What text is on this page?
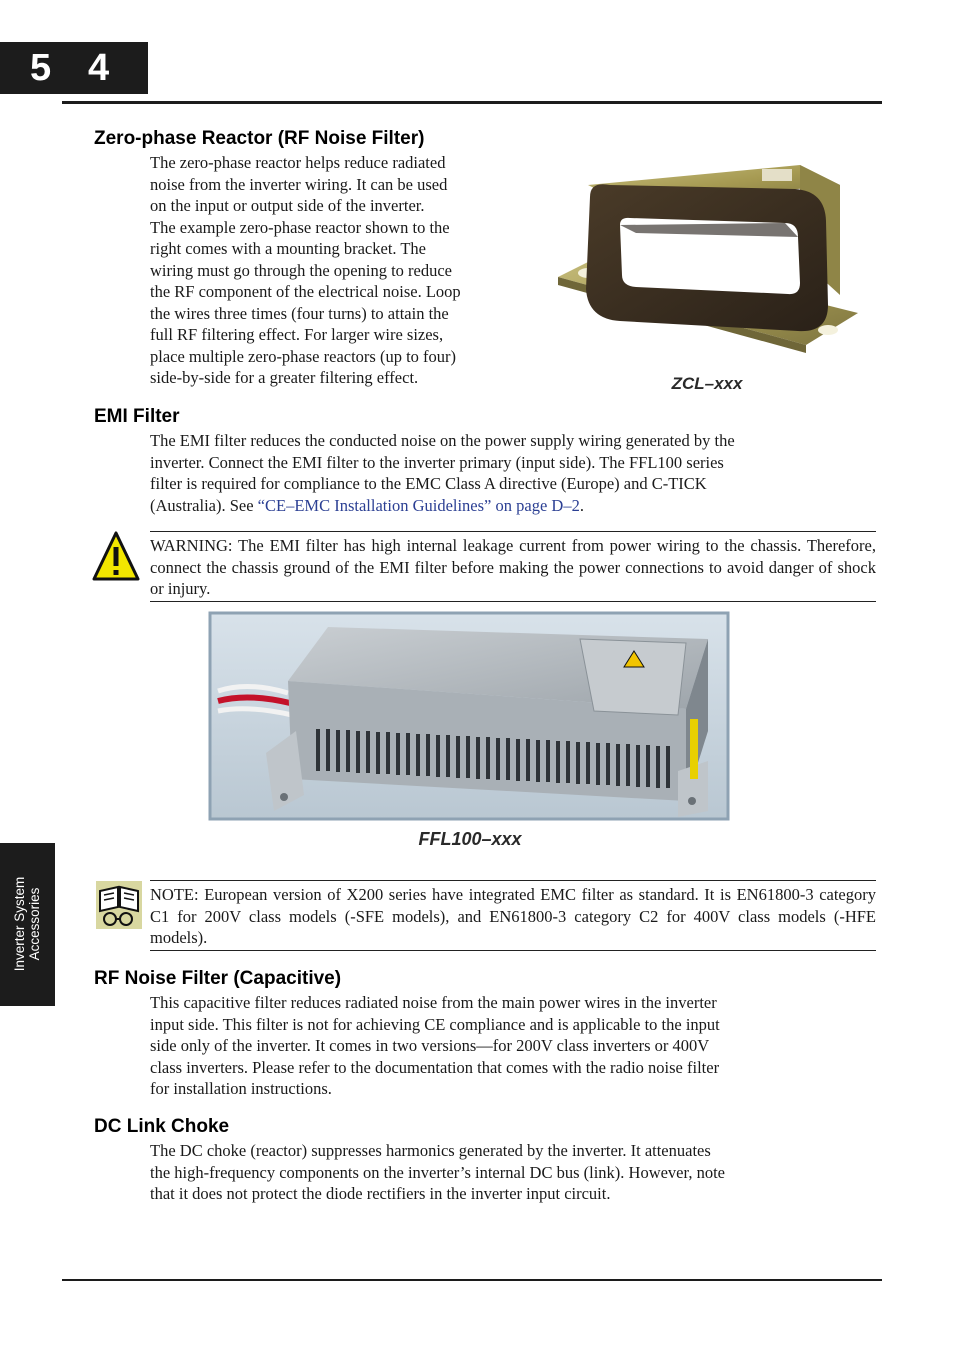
5 4
Inverter System Accessories
Zero-phase Reactor (RF Noise Filter)
The zero-phase reactor helps reduce radiated
noise from the inverter wiring. It can be used
on the input or output side of the inverter.
The example zero-phase reactor shown to the
right comes with a mounting bracket. The
wiring must go through the opening to reduce
the RF component of the electrical noise. Loop
the wires three times (four turns) to attain the
full RF filtering effect. For larger wire sizes,
place multiple zero-phase reactors (up to four)
side-by-side for a greater filtering effect.	ZCL–xxx
EMI Filter
The EMI filter reduces the conducted noise on the power supply wiring generated by the
inverter. Connect the EMI filter to the inverter primary (input side). The FFL100 series
filter is required for compliance to the EMC Class A directive (Europe) and C-TICK
(Australia). See “CE–EMC Installation Guidelines” on page D–2.

WARNING: The EMI filter has high internal leakage current from power wiring to the chassis. Therefore, connect the chassis ground of the EMI filter before making the power connections to avoid danger of shock or injury.

FFL100–xxx

NOTE: European version of X200 series have integrated EMC filter as standard. It is EN61800-3 category C1 for 200V class models (-SFE models), and EN61800-3 category C2 for 400V class models (-HFE models).

RF Noise Filter (Capacitive)
This capacitive filter reduces radiated noise from the main power wires in the inverter
input side. This filter is not for achieving CE compliance and is applicable to the input
side only of the inverter. It comes in two versions—for 200V class inverters or 400V
class inverters. Please refer to the documentation that comes with the radio noise filter
for installation instructions.
DC Link Choke
The DC choke (reactor) suppresses harmonics generated by the inverter. It attenuates
the high-frequency components on the inverter’s internal DC bus (link). However, note
that it does not protect the diode rectifiers in the inverter input circuit.
